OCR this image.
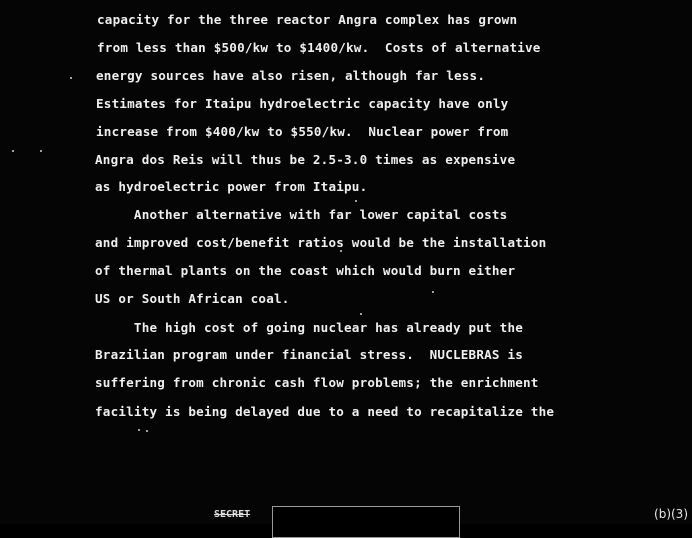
capacity for the three reactor Angra complex has grown
from less than $500/kw to $1400/kw.  Costs of alternative
energy sources have also risen, although far less.
Estimates for Itaipu hydroelectric capacity have only
increase from $400/kw to $550/kw.  Nuclear power from
Angra dos Reis will thus be 2.5-3.0 times as expensive
as hydroelectric power from Itaipu.
Another alternative with far lower capital costs
and improved cost/benefit ratios would be the installation
of thermal plants on the coast which would burn either
US or South African coal.
The high cost of going nuclear has already put the
Brazilian program under financial stress.  NUCLEBRAS is
suffering from chronic cash flow problems; the enrichment
facility is being delayed due to a need to recapitalize the
SECRET	(b)(3)
